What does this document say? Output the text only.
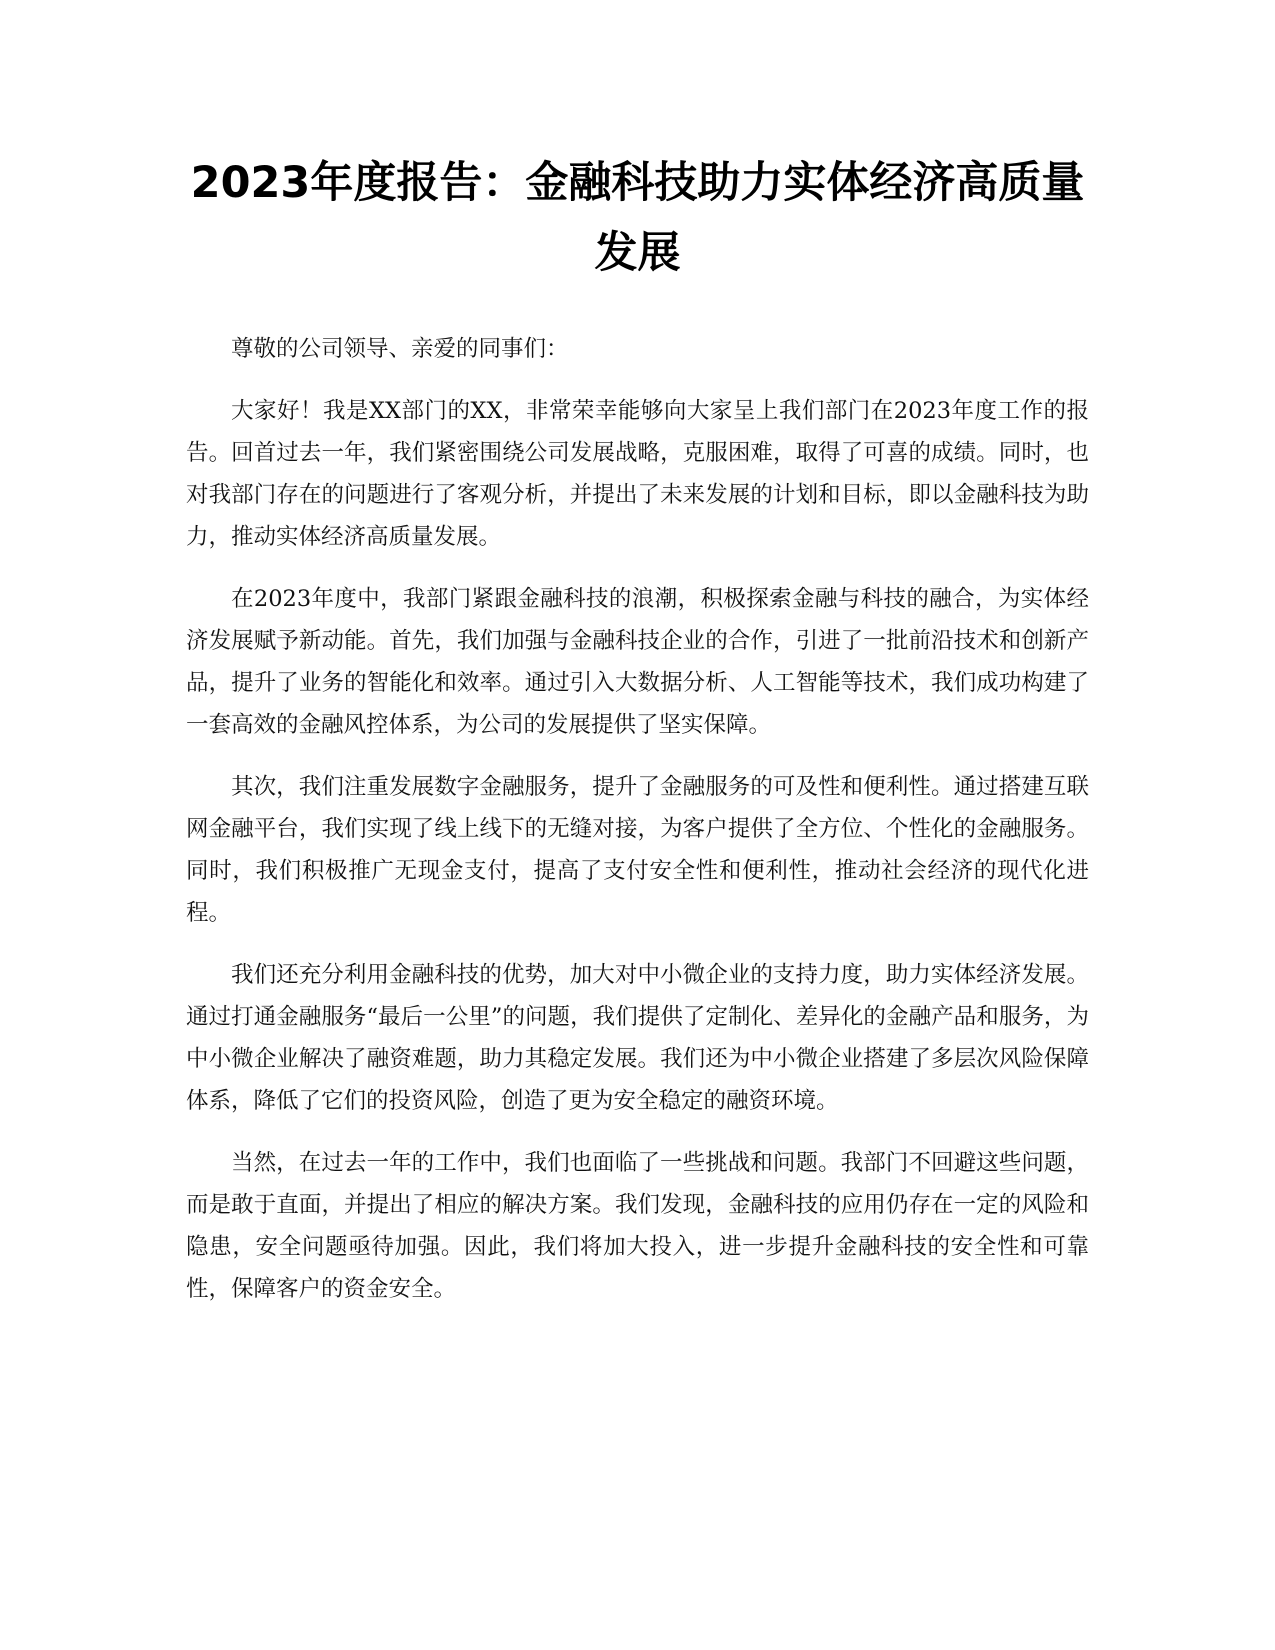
2023年度报告：金融科技助力实体经济高质量发展

尊敬的公司领导、亲爱的同事们：

大家好！我是XX部门的XX，非常荣幸能够向大家呈上我们部门在2023年度工作的报告。回首过去一年，我们紧密围绕公司发展战略，克服困难，取得了可喜的成绩。同时，也对我部门存在的问题进行了客观分析，并提出了未来发展的计划和目标，即以金融科技为助力，推动实体经济高质量发展。

在2023年度中，我部门紧跟金融科技的浪潮，积极探索金融与科技的融合，为实体经济发展赋予新动能。首先，我们加强与金融科技企业的合作，引进了一批前沿技术和创新产品，提升了业务的智能化和效率。通过引入大数据分析、人工智能等技术，我们成功构建了一套高效的金融风控体系，为公司的发展提供了坚实保障。

其次，我们注重发展数字金融服务，提升了金融服务的可及性和便利性。通过搭建互联网金融平台，我们实现了线上线下的无缝对接，为客户提供了全方位、个性化的金融服务。同时，我们积极推广无现金支付，提高了支付安全性和便利性，推动社会经济的现代化进程。

我们还充分利用金融科技的优势，加大对中小微企业的支持力度，助力实体经济发展。通过打通金融服务“最后一公里”的问题，我们提供了定制化、差异化的金融产品和服务，为中小微企业解决了融资难题，助力其稳定发展。我们还为中小微企业搭建了多层次风险保障体系，降低了它们的投资风险，创造了更为安全稳定的融资环境。

当然，在过去一年的工作中，我们也面临了一些挑战和问题。我部门不回避这些问题，而是敢于直面，并提出了相应的解决方案。我们发现，金融科技的应用仍存在一定的风险和隐患，安全问题亟待加强。因此，我们将加大投入，进一步提升金融科技的安全性和可靠性，保障客户的资金安全。
